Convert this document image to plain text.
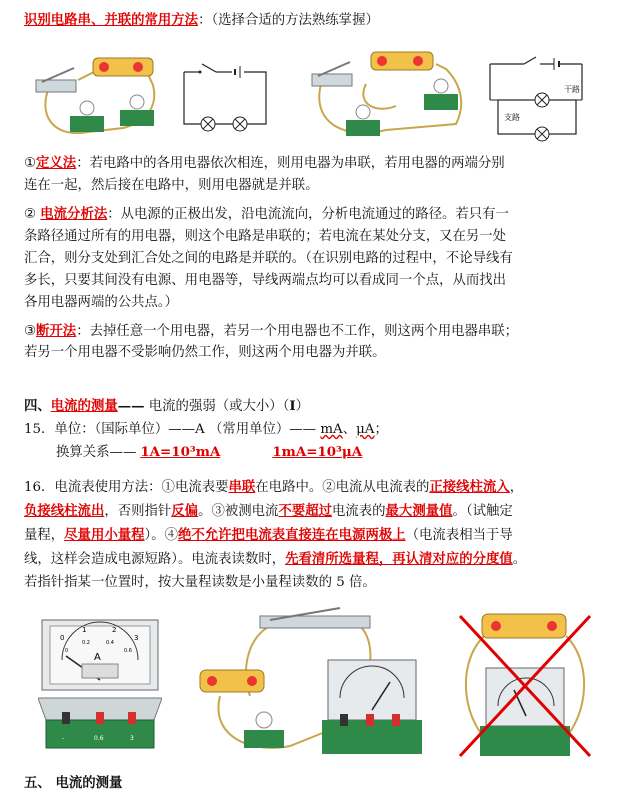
识别电路串、并联的常用方法：（选择合适的方法熟练掌握）
干路
支路
①定义法：若电路中的各用电器依次相连，则用电器为串联，若用电器的两端分别
连在一起，然后接在电路中，则用电器就是并联。
② 电流分析法：从电源的正极出发，沿电流流向，分析电流通过的路径。若只有一
条路径通过所有的用电器，则这个电路是串联的；若电流在某处分支，又在另一处
汇合，则分支处到汇合处之间的电路是并联的。（在识别电路的过程中，不论导线有
多长，只要其间没有电源、用电器等，导线两端点均可以看成同一个点，从而找出
各用电器两端的公共点。）
③断开法：去掉任意一个用电器，若另一个用电器也不工作，则这两个用电器串联；
若另一个用电器不受影响仍然工作，则这两个用电器为并联。
四、电流的测量—— 电流的强弱（或大小）（I）
15．单位：（国际单位）——A （常用单位）—— mA、μA；
换算关系—— 1A=10³mA	1mA=10³μA
16．电流表使用方法：①电流表要串联在电路中。②电流从电流表的正接线柱流入，
负接线柱流出，否则指针反偏。③被测电流不要超过电流表的最大测量值。（试触定
量程，尽量用小量程）。④绝不允许把电流表直接连在电源两极上（电流表相当于导
线，这样会造成电源短路）。电流表读数时，先看清所选量程，再认清对应的分度值。
若指针指某一位置时，按大量程读数是小量程读数的 5 倍。
0
1	2
3
0
0.2	0.4
0.6
A
-	0.6	3
五、 电流的测量
